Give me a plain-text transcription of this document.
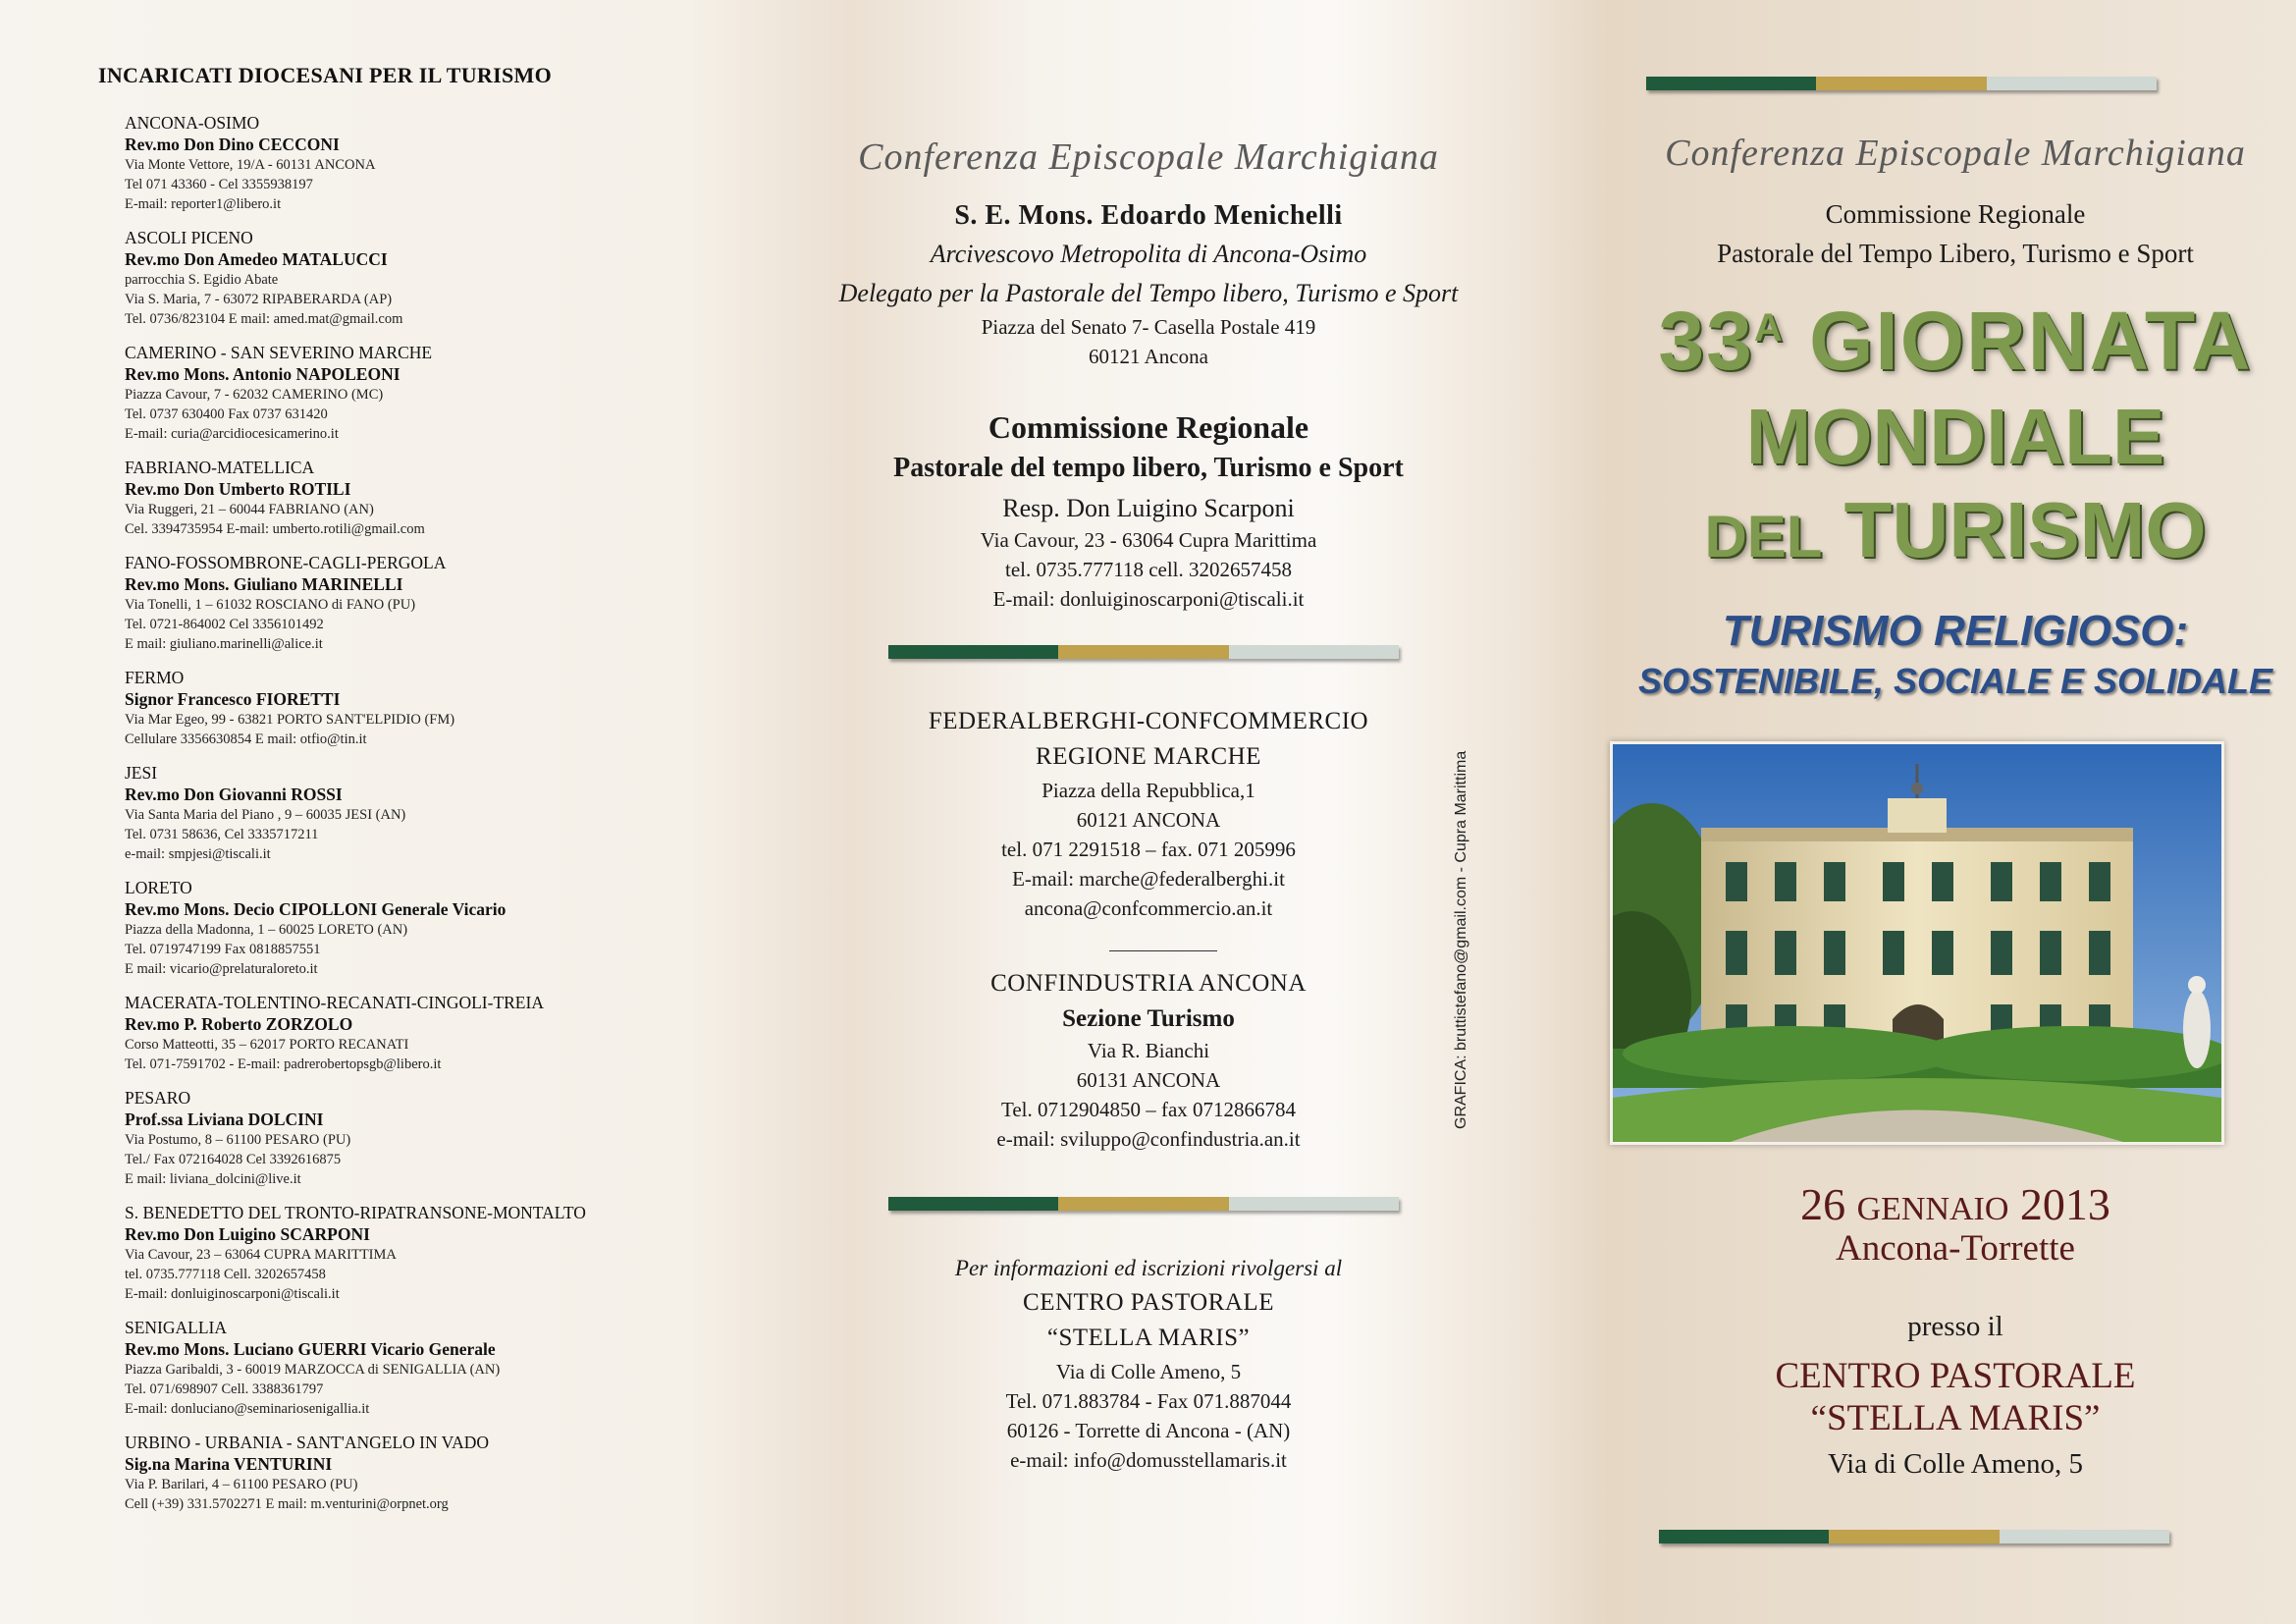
INCARICATI DIOCESANI PER IL TURISMO
ANCONA-OSIMO
Rev.mo Don Dino CECCONI
Via Monte Vettore, 19/A - 60131 ANCONA
Tel 071 43360 - Cel 3355938197
E-mail: reporter1@libero.it
ASCOLI PICENO
Rev.mo Don Amedeo MATALUCCI
parrocchia S. Egidio Abate
Via S. Maria, 7 - 63072 RIPABERARDA (AP)
Tel. 0736/823104 E mail: amed.mat@gmail.com
CAMERINO - SAN SEVERINO MARCHE
Rev.mo Mons. Antonio NAPOLEONI
Piazza Cavour, 7 - 62032 CAMERINO (MC)
Tel. 0737 630400 Fax 0737 631420
E-mail: curia@arcidiocesicamerino.it
FABRIANO-MATELLICA
Rev.mo Don Umberto ROTILI
Via Ruggeri, 21 – 60044 FABRIANO (AN)
Cel. 3394735954 E-mail: umberto.rotili@gmail.com
FANO-FOSSOMBRONE-CAGLI-PERGOLA
Rev.mo Mons. Giuliano MARINELLI
Via Tonelli, 1 – 61032 ROSCIANO di FANO (PU)
Tel. 0721-864002 Cel 3356101492
E mail: giuliano.marinelli@alice.it
FERMO
Signor Francesco FIORETTI
Via Mar Egeo, 99 - 63821 PORTO SANT'ELPIDIO (FM)
Cellulare 3356630854 E mail: otfio@tin.it
JESI
Rev.mo Don Giovanni ROSSI
Via Santa Maria del Piano , 9 – 60035 JESI (AN)
Tel. 0731 58636, Cel 3335717211
e-mail: smpjesi@tiscali.it
LORETO
Rev.mo Mons. Decio CIPOLLONI Generale Vicario
Piazza della Madonna, 1 – 60025 LORETO (AN)
Tel. 0719747199 Fax 0818857551
E mail: vicario@prelaturaloreto.it
MACERATA-TOLENTINO-RECANATI-CINGOLI-TREIA
Rev.mo P. Roberto ZORZOLO
Corso Matteotti, 35 – 62017 PORTO RECANATI
Tel. 071-7591702 - E-mail: padrerobertopsgb@libero.it
PESARO
Prof.ssa Liviana DOLCINI
Via Postumo, 8 – 61100 PESARO (PU)
Tel./ Fax 072164028 Cel 3392616875
E mail: liviana_dolcini@live.it
S. BENEDETTO DEL TRONTO-RIPATRANSONE-MONTALTO
Rev.mo Don Luigino SCARPONI
Via Cavour, 23 – 63064 CUPRA MARITTIMA
tel. 0735.777118 Cell. 3202657458
E-mail: donluiginoscarponi@tiscali.it
SENIGALLIA
Rev.mo Mons. Luciano GUERRI Vicario Generale
Piazza Garibaldi, 3 - 60019 MARZOCCA di SENIGALLIA (AN)
Tel. 071/698907 Cell. 3388361797
E-mail: donluciano@seminariosenigallia.it
URBINO - URBANIA - SANT'ANGELO IN VADO
Sig.na Marina VENTURINI
Via P. Barilari, 4 – 61100 PESARO (PU)
Cell (+39) 331.5702271 E mail: m.venturini@orpnet.org
Conferenza Episcopale Marchigiana
S. E. Mons. Edoardo Menichelli
Arcivescovo Metropolita di Ancona-Osimo
Delegato per la Pastorale del Tempo libero, Turismo e Sport
Piazza del Senato 7- Casella Postale 419
60121 Ancona
Commissione Regionale
Pastorale del tempo libero, Turismo e Sport
Resp. Don Luigino Scarponi
Via Cavour, 23 - 63064 Cupra Marittima
tel. 0735.777118 cell. 3202657458
E-mail: donluiginoscarponi@tiscali.it
FEDERALBERGHI-CONFCOMMERCIO
REGIONE MARCHE
Piazza della Repubblica,1
60121 ANCONA
tel. 071 2291518 – fax. 071 205996
E-mail: marche@federalberghi.it
ancona@confcommercio.an.it
CONFINDUSTRIA ANCONA
Sezione Turismo
Via R. Bianchi
60131 ANCONA
Tel. 0712904850 – fax 0712866784
e-mail: sviluppo@confindustria.an.it
Per informazioni ed iscrizioni rivolgersi al
CENTRO PASTORALE
“STELLA MARIS”
Via di Colle Ameno, 5
Tel. 071.883784 - Fax 071.887044
60126 - Torrette di Ancona - (AN)
e-mail: info@domusstellamaris.it
GRAFICA: bruttistefano@gmail.com - Cupra Marittima
Conferenza Episcopale Marchigiana
Commissione Regionale
Pastorale del Tempo Libero, Turismo e Sport
$33^A$ GIORNATA
MONDIALE
DEL TURISMO
TURISMO RELIGIOSO:
SOSTENIBILE, SOCIALE E SOLIDALE
26 GENNAIO 2013
Ancona-Torrette
presso il
CENTRO PASTORALE
“STELLA MARIS”
Via di Colle Ameno, 5
